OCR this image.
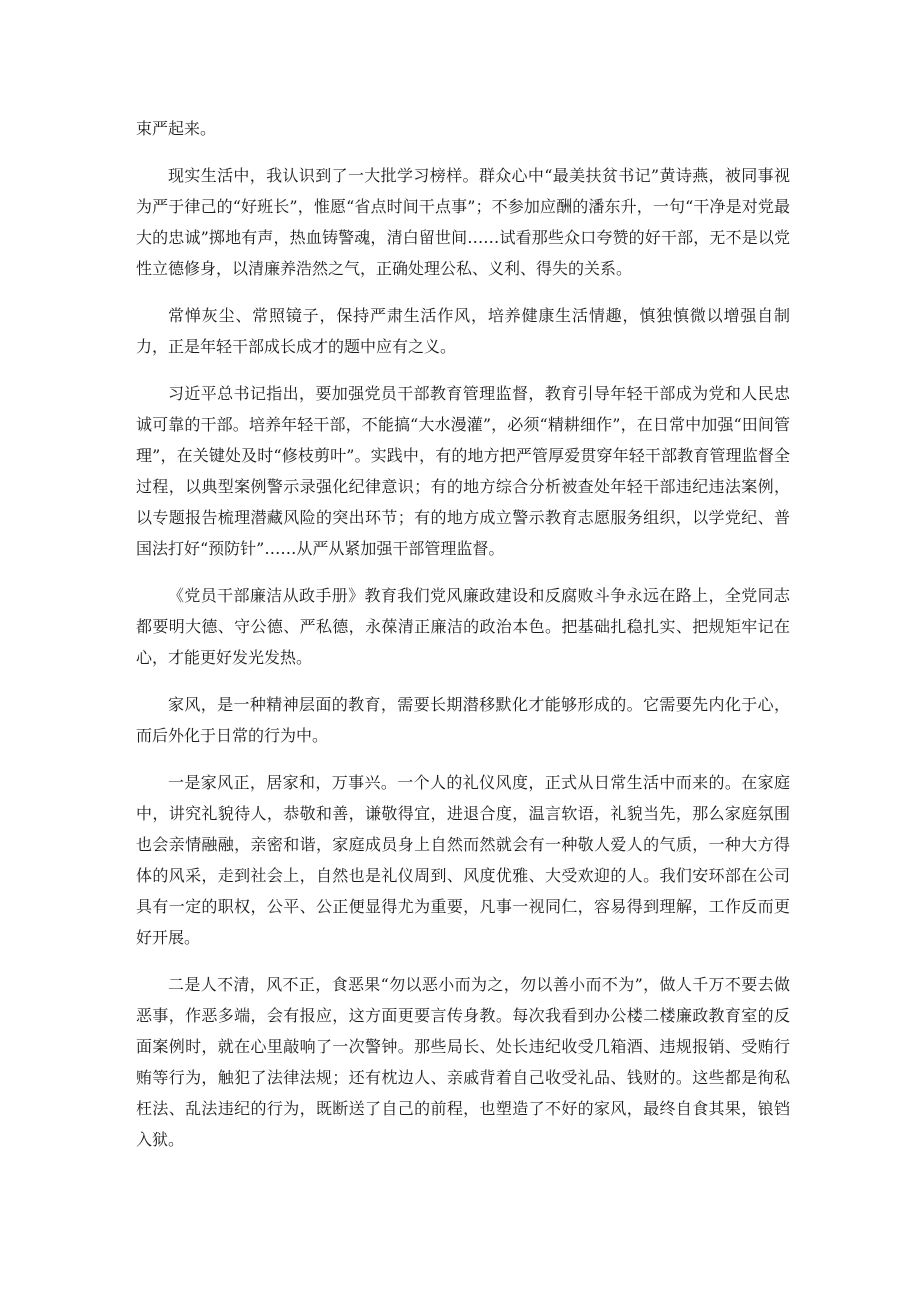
束严起来。

现实生活中，我认识到了一大批学习榜样。群众心中“最美扶贫书记”黄诗燕，被同事视为严于律己的“好班长”，惟愿“省点时间干点事”；不参加应酬的潘东升，一句“干净是对党最大的忠诚”掷地有声，热血铸警魂，清白留世间……试看那些众口夸赞的好干部，无不是以党性立德修身，以清廉养浩然之气，正确处理公私、义利、得失的关系。

常惮灰尘、常照镜子，保持严肃生活作风，培养健康生活情趣，慎独慎微以增强自制力，正是年轻干部成长成才的题中应有之义。

习近平总书记指出，要加强党员干部教育管理监督，教育引导年轻干部成为党和人民忠诚可靠的干部。培养年轻干部，不能搞“大水漫灌”，必须“精耕细作”，在日常中加强“田间管理”，在关键处及时“修枝剪叶”。实践中，有的地方把严管厚爱贯穿年轻干部教育管理监督全过程，以典型案例警示录强化纪律意识；有的地方综合分析被查处年轻干部违纪违法案例，以专题报告梳理潜藏风险的突出环节；有的地方成立警示教育志愿服务组织，以学党纪、普国法打好“预防针”……从严从紧加强干部管理监督。

《党员干部廉洁从政手册》教育我们党风廉政建设和反腐败斗争永远在路上，全党同志都要明大德、守公德、严私德，永葆清正廉洁的政治本色。把基础扎稳扎实、把规矩牢记在心，才能更好发光发热。

家风，是一种精神层面的教育，需要长期潜移默化才能够形成的。它需要先内化于心，而后外化于日常的行为中。

一是家风正，居家和，万事兴。一个人的礼仪风度，正式从日常生活中而来的。在家庭中，讲究礼貌待人，恭敬和善，谦敬得宜，进退合度，温言软语，礼貌当先，那么家庭氛围也会亲情融融，亲密和谐，家庭成员身上自然而然就会有一种敬人爱人的气质，一种大方得体的风采，走到社会上，自然也是礼仪周到、风度优雅、大受欢迎的人。我们安环部在公司具有一定的职权，公平、公正便显得尤为重要，凡事一视同仁，容易得到理解，工作反而更好开展。

二是人不清，风不正，食恶果“勿以恶小而为之，勿以善小而不为”，做人千万不要去做恶事，作恶多端，会有报应，这方面更要言传身教。每次我看到办公楼二楼廉政教育室的反面案例时，就在心里敲响了一次警钟。那些局长、处长违纪收受几箱酒、违规报销、受贿行贿等行为，触犯了法律法规；还有枕边人、亲戚背着自己收受礼品、钱财的。这些都是徇私枉法、乱法违纪的行为，既断送了自己的前程，也塑造了不好的家风，最终自食其果，锒铛入狱。
